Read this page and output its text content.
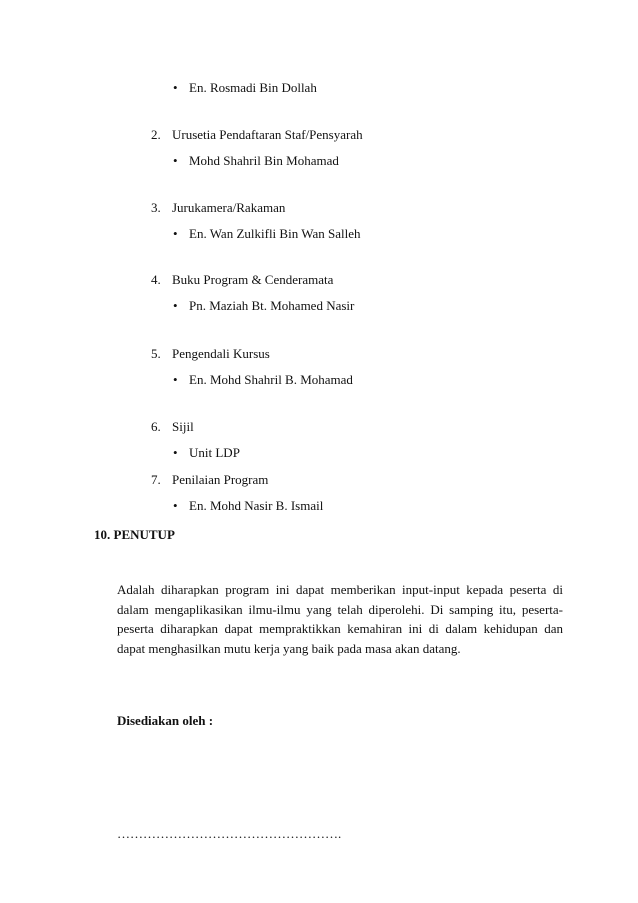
• En. Rosmadi Bin Dollah
2. Urusetia Pendaftaran Staf/Pensyarah
• Mohd Shahril Bin Mohamad
3. Jurukamera/Rakaman
• En. Wan Zulkifli Bin Wan Salleh
4. Buku Program & Cenderamata
• Pn. Maziah Bt. Mohamed Nasir
5. Pengendali Kursus
• En. Mohd Shahril B. Mohamad
6. Sijil
• Unit LDP
7. Penilaian Program
• En. Mohd Nasir B. Ismail
10. PENUTUP
Adalah diharapkan program ini dapat memberikan input-input kepada peserta di dalam mengaplikasikan ilmu-ilmu yang telah diperolehi. Di samping itu, peserta-peserta diharapkan dapat mempraktikkan kemahiran ini di dalam kehidupan dan dapat menghasilkan mutu kerja yang baik pada masa akan datang.
Disediakan oleh :
…………………………………………….
